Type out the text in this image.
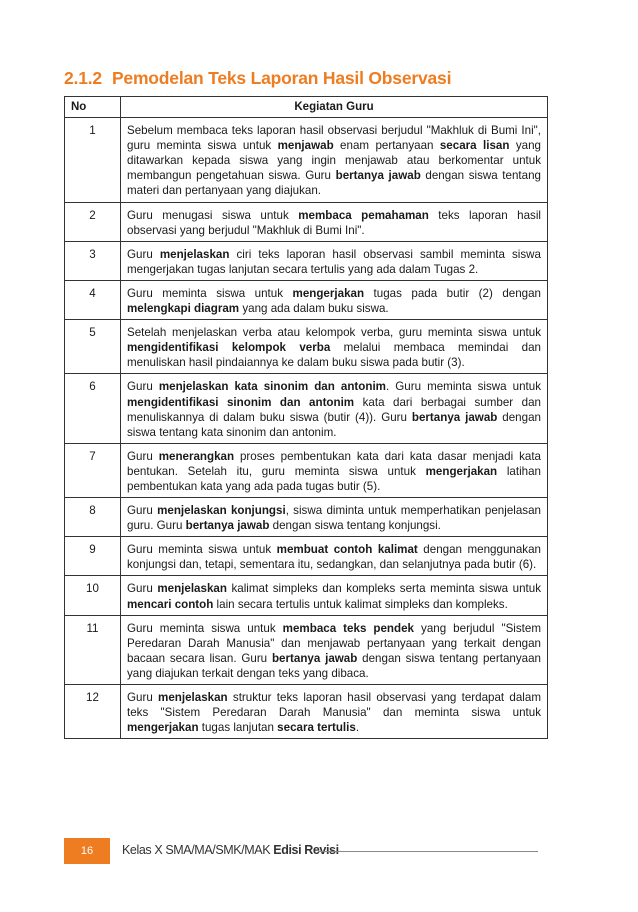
2.1.2 Pemodelan Teks Laporan Hasil Observasi
No	Kegiatan Guru
1	Sebelum membaca teks laporan hasil observasi berjudul "Makhluk di Bumi Ini", guru meminta siswa untuk menjawab enam pertanyaan secara lisan yang ditawarkan kepada siswa yang ingin menjawab atau berkomentar untuk membangun pengetahuan siswa. Guru bertanya jawab dengan siswa tentang materi dan pertanyaan yang diajukan.
2	Guru menugasi siswa untuk membaca pemahaman teks laporan hasil observasi yang berjudul "Makhluk di Bumi Ini".
3	Guru menjelaskan ciri teks laporan hasil observasi sambil meminta siswa mengerjakan tugas lanjutan secara tertulis yang ada dalam Tugas 2.
4	Guru meminta siswa untuk mengerjakan tugas pada butir (2) dengan melengkapi diagram yang ada dalam buku siswa.
5	Setelah menjelaskan verba atau kelompok verba, guru meminta siswa untuk mengidentifikasi kelompok verba melalui membaca memindai dan menuliskan hasil pindaiannya ke dalam buku siswa pada butir (3).
6	Guru menjelaskan kata sinonim dan antonim. Guru meminta siswa untuk mengidentifikasi sinonim dan antonim kata dari berbagai sumber dan menuliskannya di dalam buku siswa (butir (4)). Guru bertanya jawab dengan siswa tentang kata sinonim dan antonim.
7	Guru menerangkan proses pembentukan kata dari kata dasar menjadi kata bentukan. Setelah itu, guru meminta siswa untuk mengerjakan latihan pembentukan kata yang ada pada tugas butir (5).
8	Guru menjelaskan konjungsi, siswa diminta untuk memperhatikan penjelasan guru. Guru bertanya jawab dengan siswa tentang konjungsi.
9	Guru meminta siswa untuk membuat contoh kalimat dengan menggunakan konjungsi dan, tetapi, sementara itu, sedangkan, dan selanjutnya pada butir (6).
10	Guru menjelaskan kalimat simpleks dan kompleks serta meminta siswa untuk mencari contoh lain secara tertulis untuk kalimat simpleks dan kompleks.
11	Guru meminta siswa untuk membaca teks pendek yang berjudul "Sistem Peredaran Darah Manusia" dan menjawab pertanyaan yang terkait dengan bacaan secara lisan. Guru bertanya jawab dengan siswa tentang pertanyaan yang diajukan terkait dengan teks yang dibaca.
12	Guru menjelaskan struktur teks laporan hasil observasi yang terdapat dalam teks "Sistem Peredaran Darah Manusia" dan meminta siswa untuk mengerjakan tugas lanjutan secara tertulis.
16	Kelas X SMA/MA/SMK/MAK Edisi Revisi
